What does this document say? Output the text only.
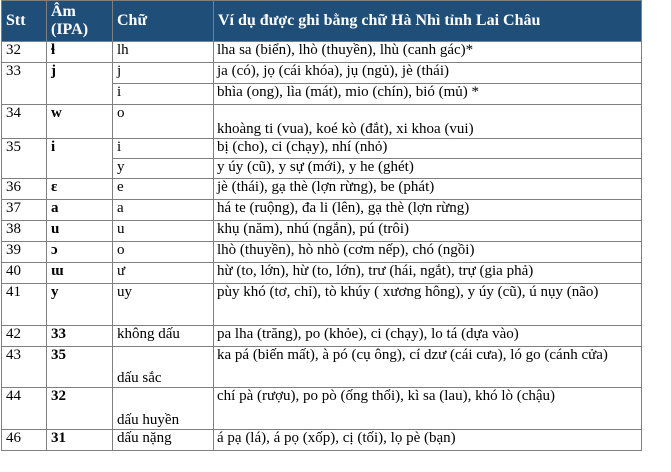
Stt	Âm (IPA)	Chữ	Ví dụ được ghi bằng chữ Hà Nhì tỉnh Lai Châu
32	ɬ	lh	lha sa (biển), lhò (thuyền), lhù (canh gác)*
33	j	j	ja (có), jọ (cái khóa), jụ (ngủ), jè (thái)
		i	bhìa (ong), lìa (mát), mio (chín), bió (mủ) *
34	w	o	khoàng ti (vua), koé kò (đắt), xi khoa (vui)
35	i	i	bị (cho), ci (chạy), nhí (nhỏ)
		y	y úy (cũ), y sự (mới), y he (ghét)
36	ɛ	e	jè (thái), gạ thè (lợn rừng), be (phát)
37	a	a	há te (ruộng), đa li (lên), gạ thè (lợn rừng)
38	u	u	khụ (năm), nhú (ngắn), pú (trôi)
39	ɔ	o	lhò (thuyền), hò nhò (cơm nếp), chó (ngồi)
40	ɯ	ư	hừ (to, lớn), hừ (to, lớn), trư (hái, ngắt), trự (gia phả)
41	y	uy	pùy khó (tơ, chỉ), tò khúy ( xương hông), y úy (cũ), ú nụy (não)
42	33	không dấu	pa lha (trăng), po (khỏe), ci (chạy), lo tá (dựa vào)
43	35	dấu sắc	ka pá (biến mất), à pó (cụ ông), cí dzư (cái cưa), ló go (cánh cửa)
44	32	dấu huyền	chí pà (rượu), po pò (ống thổi), kì sa (lau), khó lò (chậu)
46	31	dấu nặng	á pạ (lá), á pọ (xốp), cị (tối), lọ pè (bạn)
